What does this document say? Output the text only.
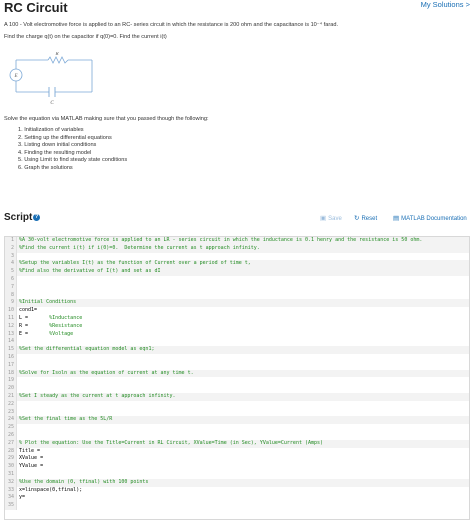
RC Circuit	My Solutions >

A 100 - Volt electromotive force is applied to an RC- series circuit in which the resistance is 200 ohm and the capacitance is 10⁻⁴ farad.

Find the charge q(t) on the capacitor if q(0)=0. Find the current i(t)

R
E
C
Solve the equation via MATLAB making sure that you passed though the following:
1. Initialization of variables
2. Setting up the differential equations
3. Listing down initial conditions
4. Finding the resulting model
5. Using Limit to find steady state conditions
6. Graph the solutions
Script ?	▣ Save ↻ Reset ▤ MATLAB Documentation
1 %A 30-volt electromotive force is applied to an LR - series circuit in which the inductance is 0.1 henry and the resistance is 50 ohm.
2 %Find the current i(t) if i(0)=0.  Determine the current as t approach infinity.
3
4 %Setup the variables I(t) as the function of Current over a period of time t,
5 %Find also the derivative of I(t) and set as dI
6
7
8
9 %Initial Conditions
10 cond1=
11 L =       %Inductance
12 R =       %Resistance
13 E =       %Voltage
14
15 %Set the differential equation model as eqn1;
16
17
18 %Solve for Isoln as the equation of current at any time t.
19
20
21 %Set I steady as the current at t approach infinity.
22
23
24 %Set the final time as the 5L/R
25
26
27 % Plot the equation: Use the Title=Current in RL Circuit, XValue=Time (in Sec), YValue=Current (Amps)
28 Title =
29 XValue =
30 YValue =
31
32 %Use the domain (0, tfinal) with 100 points
33 x=linspace(0,tfinal);
34 y=
35
